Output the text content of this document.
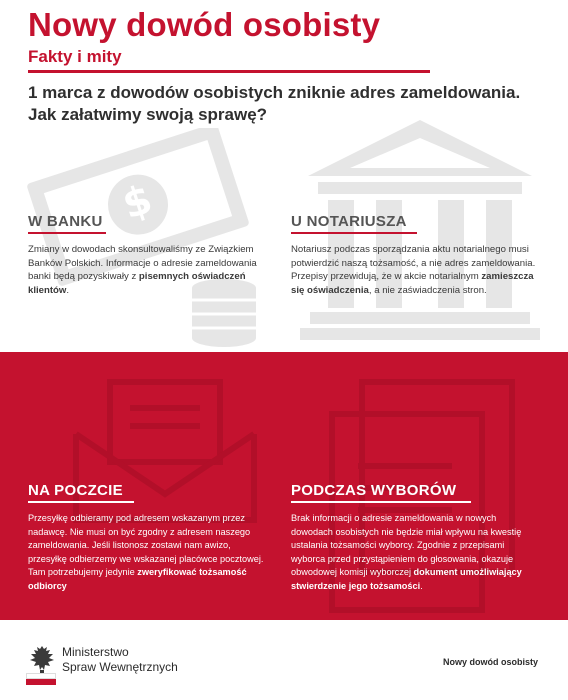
Nowy dowód osobisty
Fakty i mity
1 marca z dowodów osobistych zniknie adres zameldowania.
Jak załatwimy swoją sprawę?
$
W BANKU
Zmiany w dowodach skonsultowaliśmy ze Związkiem Banków Polskich. Informacje o adresie zameldowania banki będą pozyskiwały z pisemnych oświadczeń klientów.
U NOTARIUSZA
Notariusz podczas sporządzania aktu notarialnego musi potwierdzić naszą tożsamość, a nie adres zameldowania. Przepisy przewidują, że w akcie notarialnym zamieszcza się oświadczenia, a nie zaświadczenia stron.
NA POCZCIE
Przesyłkę odbieramy pod adresem wskazanym przez nadawcę. Nie musi on być zgodny z adresem naszego zameldowania. Jeśli listonosz zostawi nam awizo, przesyłkę odbierzemy we wskazanej placówce pocztowej. Tam potrzebujemy jedynie zweryfikować tożsamość odbiorcy
PODCZAS WYBORÓW
Brak informacji o adresie zameldowania w nowych dowodach osobistych nie będzie miał wpływu na kwestię ustalania tożsamości wyborcy. Zgodnie z przepisami wyborca przed przystąpieniem do głosowania, okazuje obwodowej komisji wyborczej dokument umożliwiający stwierdzenie jego tożsamości.
Ministerstwo
Spraw Wewnętrznych	Nowy dowód osobisty
